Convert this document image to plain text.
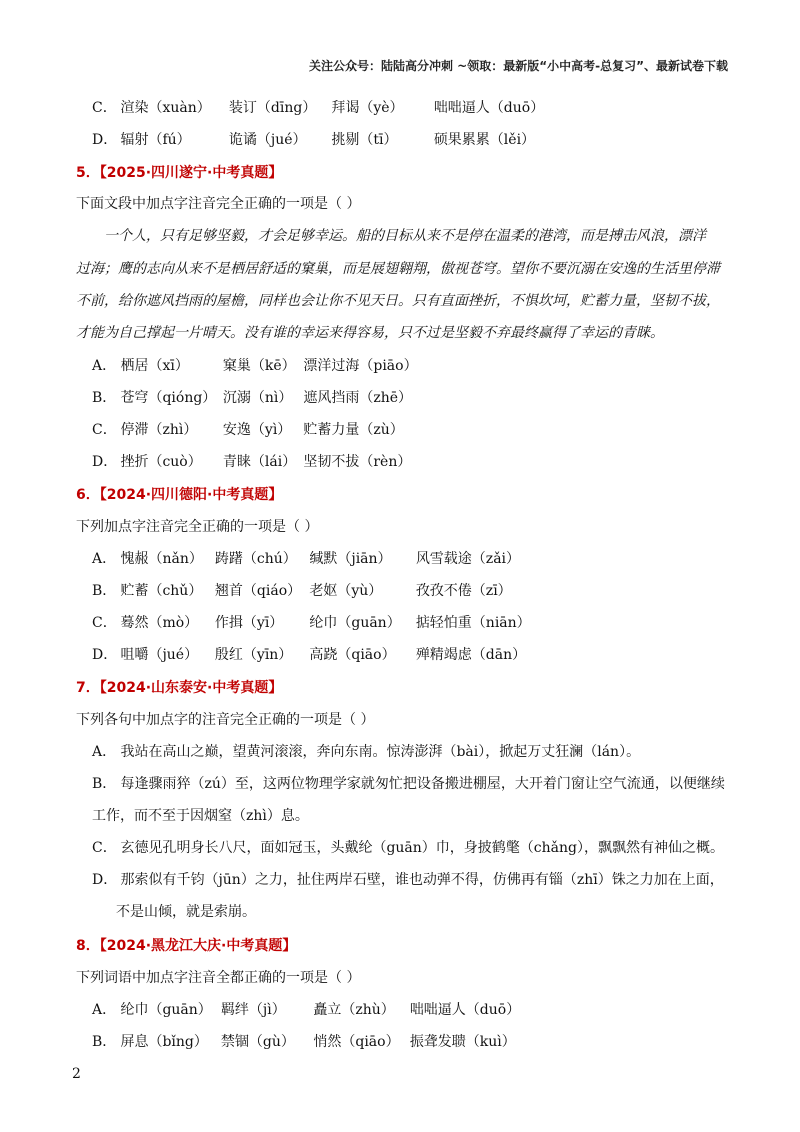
关注公众号：陆陆高分冲刺 ~领取：最新版“小中高考-总复习”、最新试卷下载
C． 渲染（xuàn） 装订（dīng） 拜谒（yè） 咄咄逼人（duō）
D． 辐射（fú）	诡谲（jué） 挑剔（tī）	硕果累累（lěi）
5．【2025·四川遂宁·中考真题】
下面文段中加点字注音完全正确的一项是（ ）
一个人，只有足够坚毅，才会足够幸运。船的目标从来不是停在温柔的港湾，而是搏击风浪，漂洋
过海；鹰的志向从来不是栖居舒适的窠巢，而是展翅翱翔，傲视苍穹。望你不要沉溺在安逸的生活里停滞
不前，给你遮风挡雨的屋檐，同样也会让你不见天日。只有直面挫折，不惧坎坷，贮蓄力量，坚韧不拔，
才能为自己撑起一片晴天。没有谁的幸运来得容易，只不过是坚毅不弃最终赢得了幸运的青睐。
A． 栖居（xī） 窠巢（kē） 漂洋过海（piāo）
B． 苍穹（qióng） 沉溺（nì） 遮风挡雨（zhē）
C． 停滞（zhì） 安逸（yì） 贮蓄力量（zù）
D． 挫折（cuò） 青睐（lái） 坚韧不拔（rèn）
6．【2024·四川德阳·中考真题】
下列加点字注音完全正确的一项是（ ）
A． 愧赧（nǎn） 踌躇（chú） 缄默（jiān） 风雪载途（zǎi）
B． 贮蓄（chǔ） 翘首（qiáo） 老妪（yù） 孜孜不倦（zī）
C． 蓦然（mò） 作揖（yī） 纶巾（guān） 掂轻怕重（niān）
D． 咀嚼（jué） 殷红（yīn） 高跷（qiāo） 殚精竭虑（dān）
7．【2024·山东泰安·中考真题】
下列各句中加点字的注音完全正确的一项是（ ）
A． 我站在高山之巅，望黄河滚滚，奔向东南。惊涛澎湃（bài），掀起万丈狂澜（lán）。
B． 每逢骤雨猝（zú）至，这两位物理学家就匆忙把设备搬进棚屋，大开着门窗让空气流通，以便继续
工作，而不至于因烟窒（zhì）息。
C． 玄德见孔明身长八尺，面如冠玉，头戴纶（guān）巾，身披鹤氅（chǎng），飘飘然有神仙之概。
D． 那索似有千钧（jūn）之力，扯住两岸石壁，谁也动弹不得，仿佛再有锱（zhī）铢之力加在上面，
不是山倾，就是索崩。
8．【2024·黑龙江大庆·中考真题】
下列词语中加点字注音全都正确的一项是（ ）
A． 纶巾（guān） 羁绊（jì） 矗立（zhù） 咄咄逼人（duō）
B． 屏息（bǐng） 禁锢（gù） 悄然（qiāo） 振聋发聩（kuì）
2
